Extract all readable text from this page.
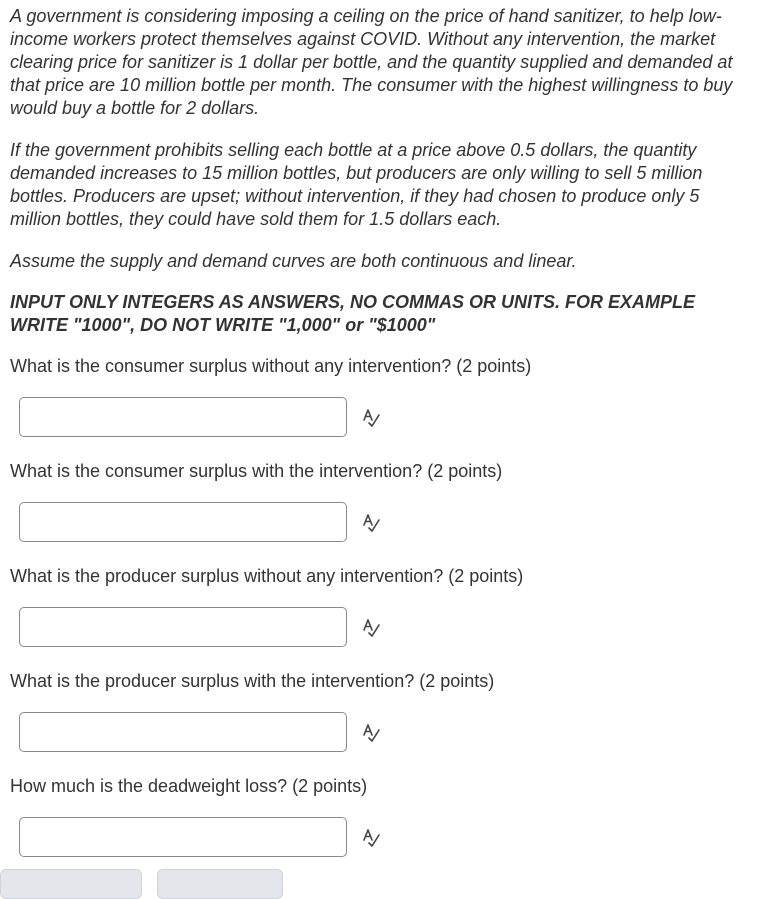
A government is considering imposing a ceiling on the price of hand sanitizer, to help low-income workers protect themselves against COVID. Without any intervention, the market clearing price for sanitizer is 1 dollar per bottle, and the quantity supplied and demanded at that price are 10 million bottle per month. The consumer with the highest willingness to buy would buy a bottle for 2 dollars.

If the government prohibits selling each bottle at a price above 0.5 dollars, the quantity demanded increases to 15 million bottles, but producers are only willing to sell 5 million bottles. Producers are upset; without intervention, if they had chosen to produce only 5 million bottles, they could have sold them for 1.5 dollars each.

Assume the supply and demand curves are both continuous and linear.

INPUT ONLY INTEGERS AS ANSWERS, NO COMMAS OR UNITS. FOR EXAMPLE WRITE "1000", DO NOT WRITE "1,000" or "$1000"

What is the consumer surplus without any intervention? (2 points)

What is the consumer surplus with the intervention? (2 points)

What is the producer surplus without any intervention? (2 points)

What is the producer surplus with the intervention? (2 points)

How much is the deadweight loss? (2 points)
